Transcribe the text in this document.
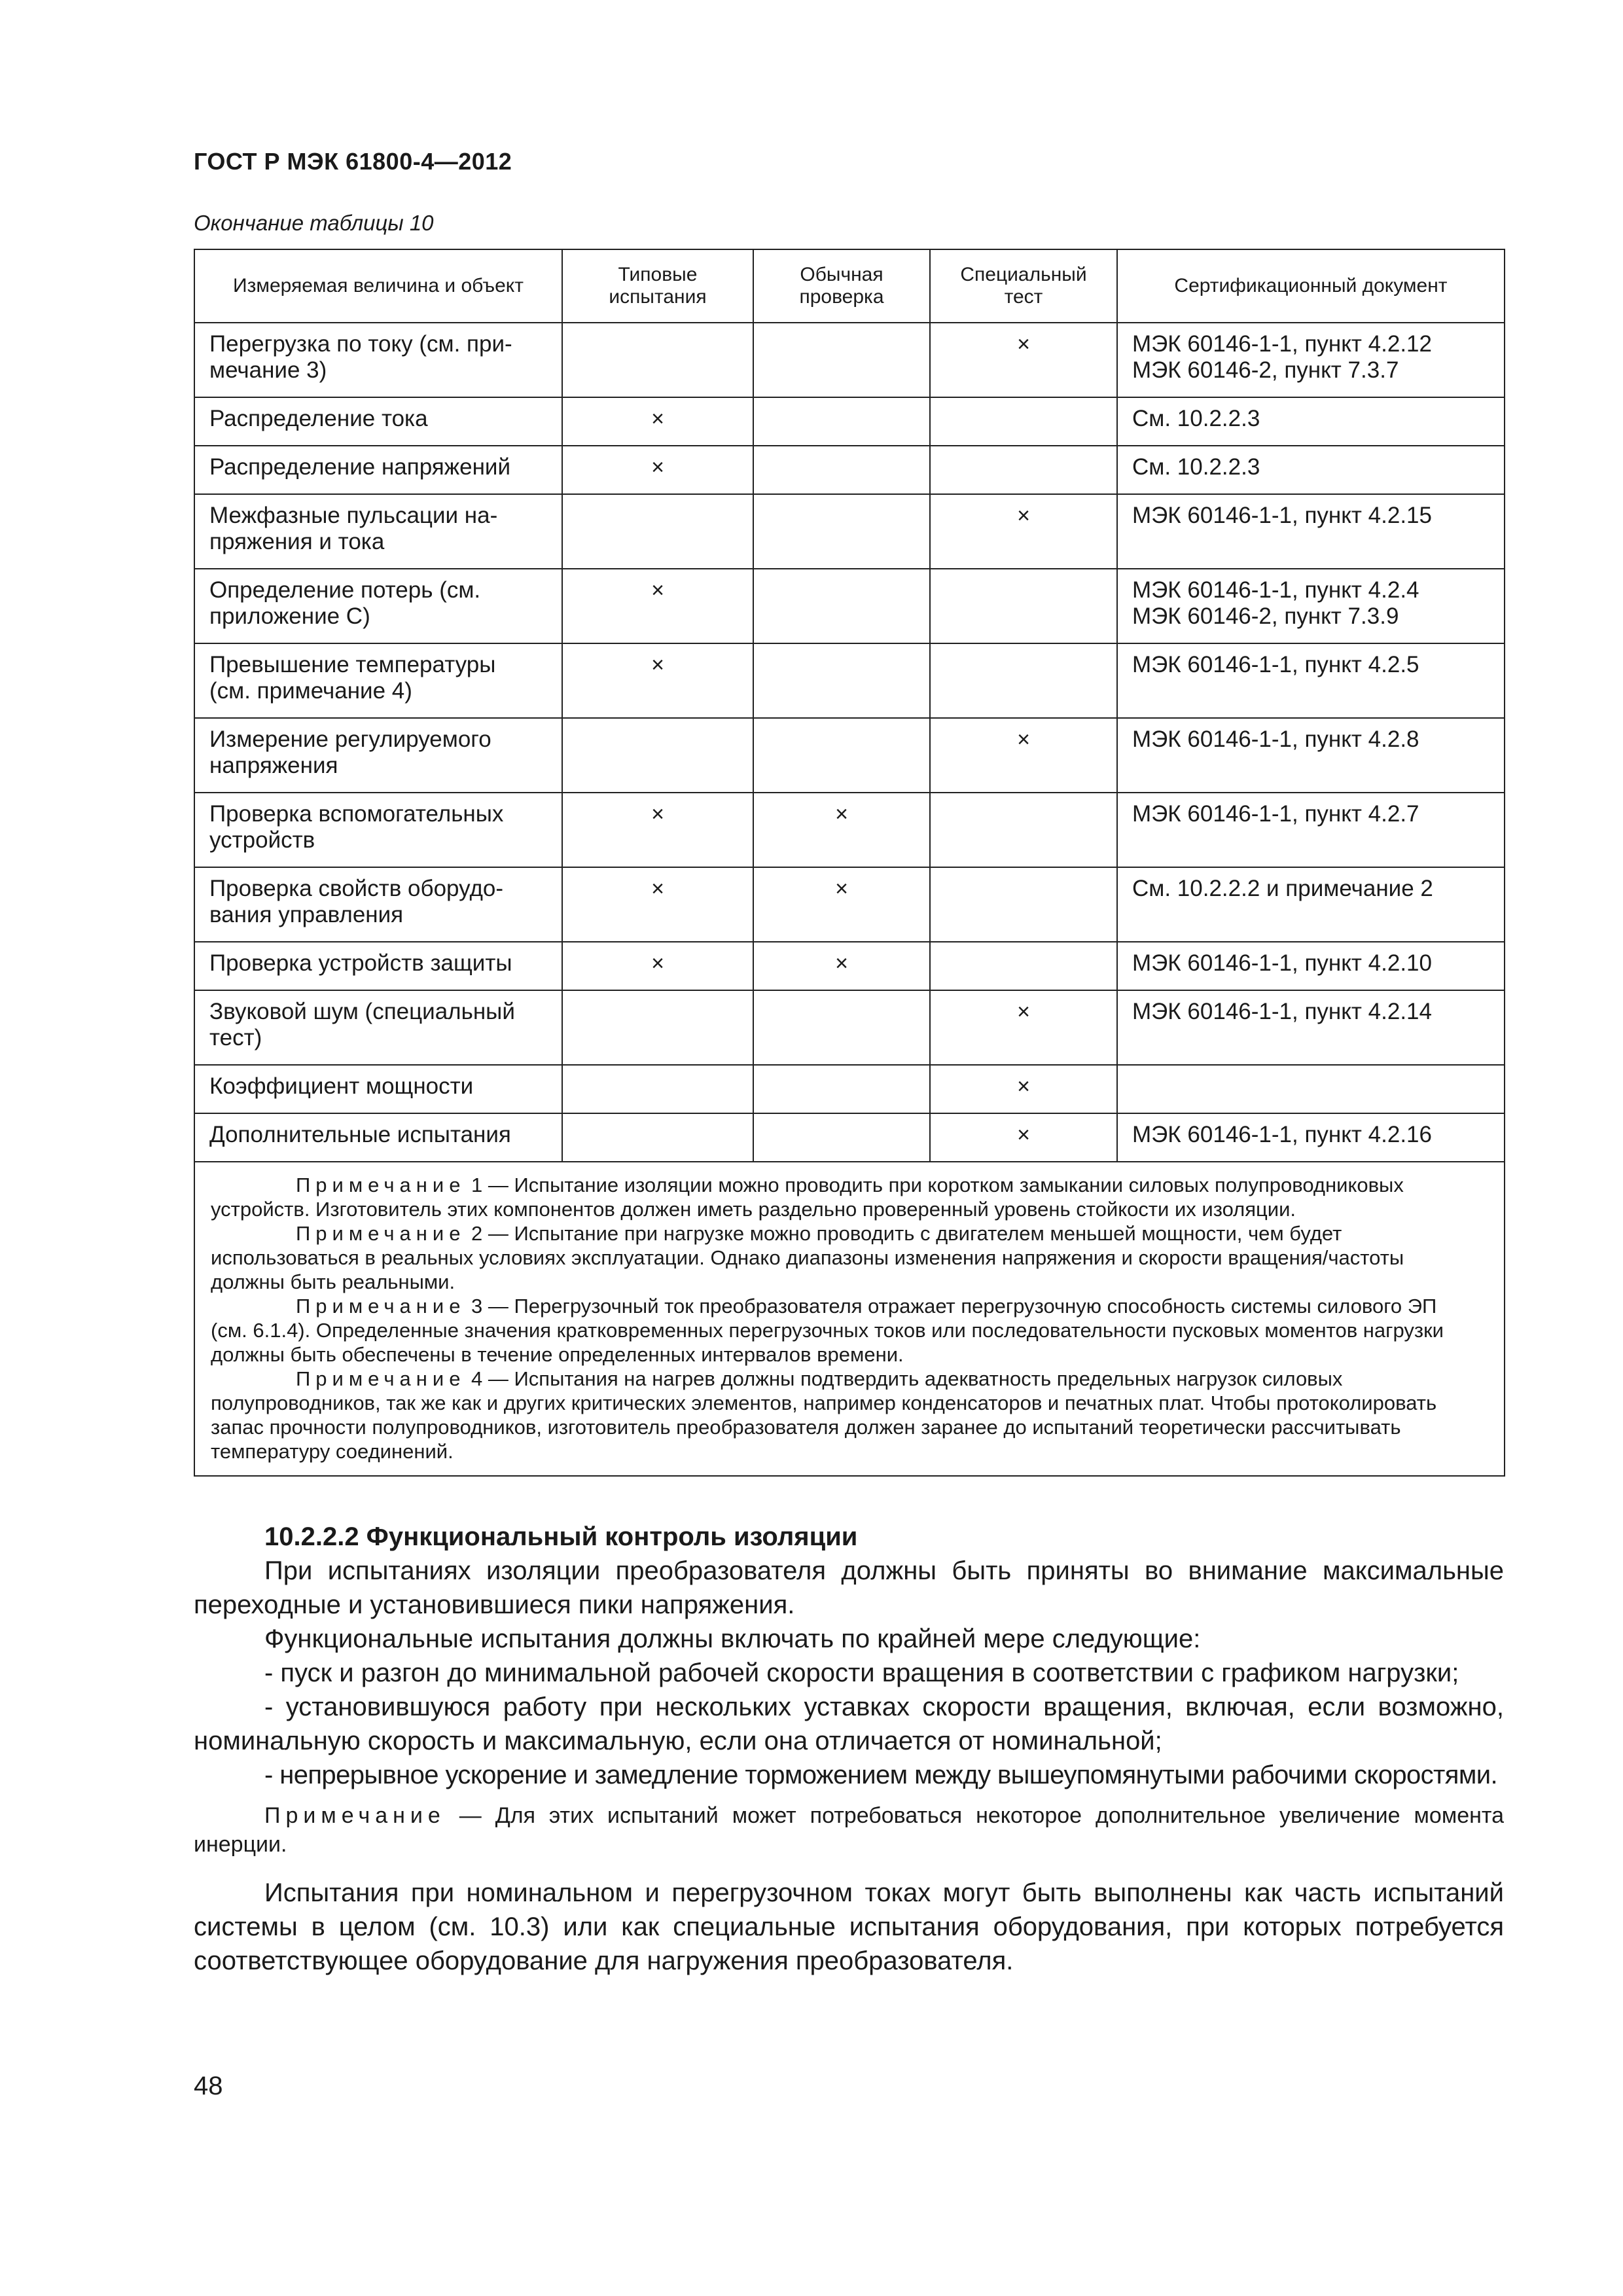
ГОСТ Р МЭК 61800-4—2012
Окончание таблицы 10
Измеряемая величина и объект	Типовые испытания	Обычная проверка	Специальный тест	Сертификационный документ

Перегрузка по току (см. при-
мечание 3)			×	МЭК 60146-1-1, пункт 4.2.12
МЭК 60146-2, пункт 7.3.7

Распределение тока	×			См. 10.2.2.3

Распределение напряжений	×			См. 10.2.2.3

Межфазные пульсации на-
пряжения и тока			×	МЭК 60146-1-1, пункт 4.2.15

Определение потерь (см.
приложение С)	×			МЭК 60146-1-1, пункт 4.2.4
МЭК 60146-2, пункт 7.3.9

Превышение температуры
(см. примечание 4)	×			МЭК 60146-1-1, пункт 4.2.5

Измерение регулируемого
напряжения			×	МЭК 60146-1-1, пункт 4.2.8

Проверка вспомогательных
устройств	×	×		МЭК 60146-1-1, пункт 4.2.7

Проверка свойств оборудо-
вания управления	×	×		См. 10.2.2.2 и примечание 2

Проверка устройств защиты	×	×		МЭК 60146-1-1, пункт 4.2.10

Звуковой шум (специальный
тест)			×	МЭК 60146-1-1, пункт 4.2.14

Коэффициент мощности			×	

Дополнительные испытания			×	МЭК 60146-1-1, пункт 4.2.16

Примечание 1 — Испытание изоляции можно проводить при коротком замыкании силовых полупроводниковых устройств. Изготовитель этих компонентов должен иметь раздельно проверенный уровень стойкости их изоляции.

Примечание 2 — Испытание при нагрузке можно проводить с двигателем меньшей мощности, чем будет использоваться в реальных условиях эксплуатации. Однако диапазоны изменения напряжения и скорости вращения/частоты должны быть реальными.

Примечание 3 — Перегрузочный ток преобразователя отражает перегрузочную способность системы силового ЭП (см. 6.1.4). Определенные значения кратковременных перегрузочных токов или последовательности пусковых моментов нагрузки должны быть обеспечены в течение определенных интервалов времени.

Примечание 4 — Испытания на нагрев должны подтвердить адекватность предельных нагрузок силовых полупроводников, так же как и других критических элементов, например конденсаторов и печатных плат. Чтобы протоколировать запас прочности полупроводников, изготовитель преобразователя должен заранее до испытаний теоретически рассчитывать температуру соединений.				

10.2.2.2 Функциональный контроль изоляции

При испытаниях изоляции преобразователя должны быть приняты во внимание максимальные переходные и установившиеся пики напряжения.

Функциональные испытания должны включать по крайней мере следующие:

- пуск и разгон до минимальной рабочей скорости вращения в соответствии с графиком нагрузки;

- установившуюся работу при нескольких уставках скорости вращения, включая, если возможно, номинальную скорость и максимальную, если она отличается от номинальной;

- непрерывное ускорение и замедление торможением между вышеупомянутыми рабочими скоростями.

Примечание — Для этих испытаний может потребоваться некоторое дополнительное увеличение момента инерции.

Испытания при номинальном и перегрузочном токах могут быть выполнены как часть испытаний системы в целом (см. 10.3) или как специальные испытания оборудования, при которых потребуется соответствующее оборудование для нагружения преобразователя.

48
